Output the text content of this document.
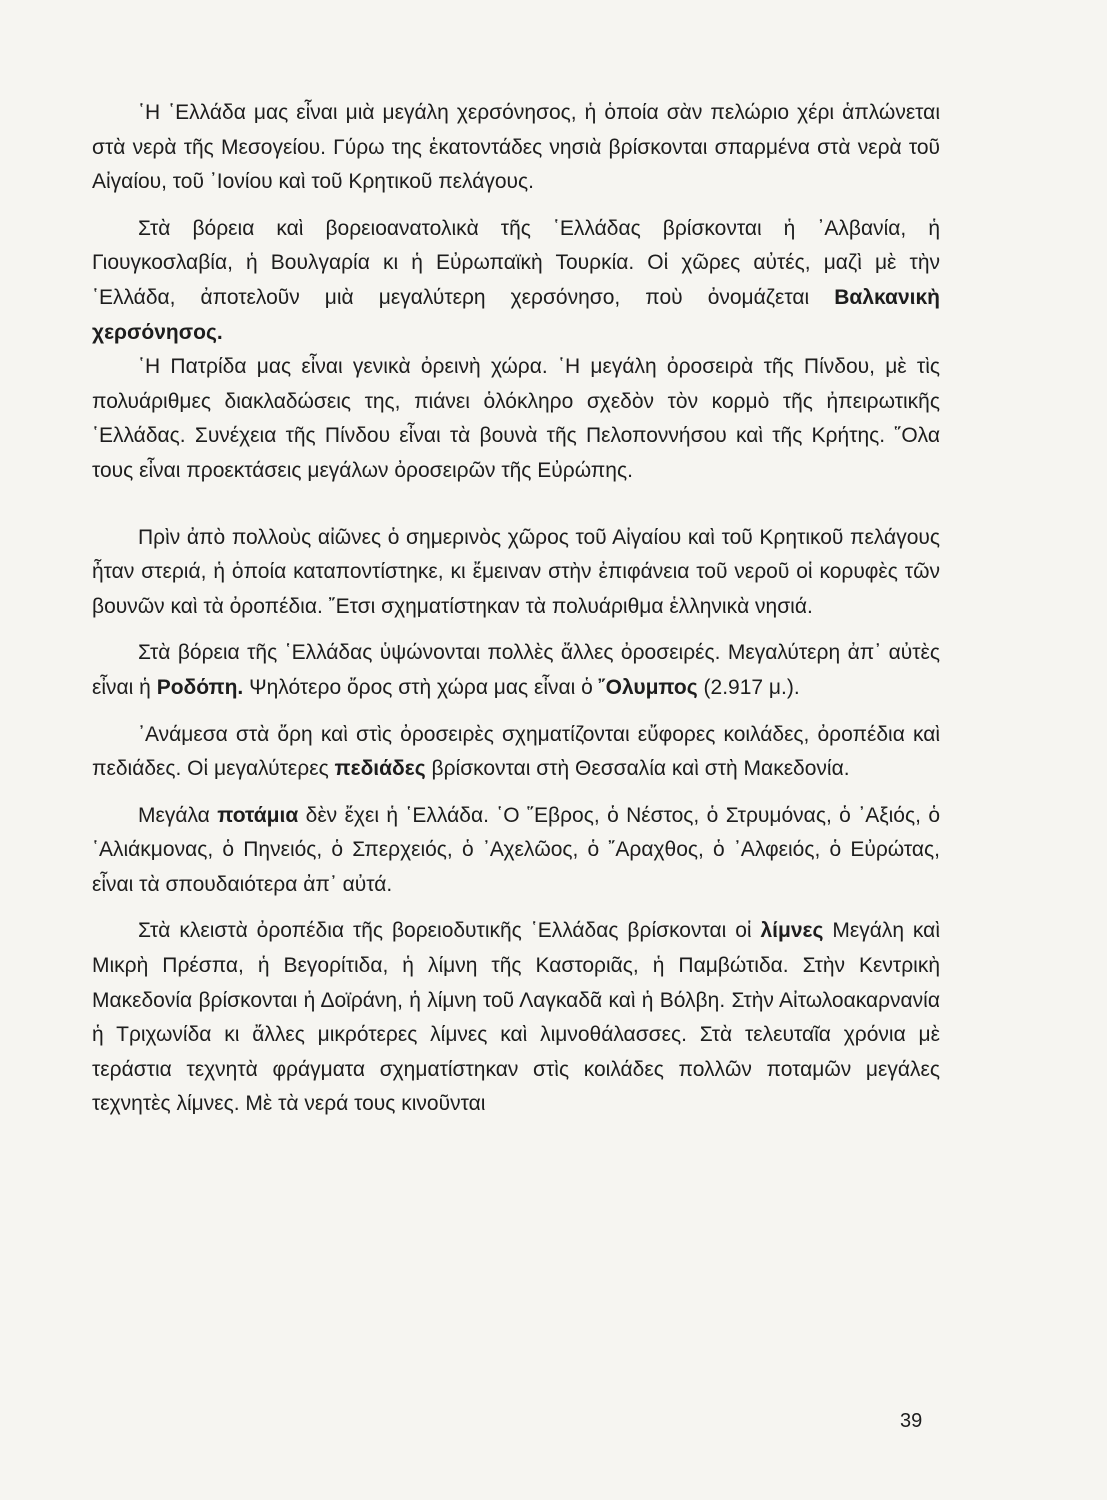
῾Η ῾Ελλάδα μας εἶναι μιὰ μεγάλη χερσόνησος, ἡ ὁποία σὰν πελώριο χέρι ἁπλώνεται στὰ νερὰ τῆς Μεσογείου. Γύρω της ἑκατοντάδες νησιὰ βρίσκονται σπαρμένα στὰ νερὰ τοῦ Αἰγαίου, τοῦ ᾿Ιονίου καὶ τοῦ Κρητικοῦ πελάγους.

Στὰ βόρεια καὶ βορειοανατολικὰ τῆς ῾Ελλάδας βρίσκονται ἡ ᾿Αλβανία, ἡ Γιουγκοσλαβία, ἡ Βουλγαρία κι ἡ Εὐρωπαϊκὴ Τουρκία. Οἱ χῶρες αὐτές, μαζὶ μὲ τὴν ῾Ελλάδα, ἀποτελοῦν μιὰ μεγαλύτερη χερσόνησο, ποὺ ὀνομάζεται Βαλκανικὴ χερσόνησος.

῾Η Πατρίδα μας εἶναι γενικὰ ὀρεινὴ χώρα. ῾Η μεγάλη ὀροσειρὰ τῆς Πίνδου, μὲ τὶς πολυάριθμες διακλαδώσεις της, πιάνει ὁλόκληρο σχεδὸν τὸν κορμὸ τῆς ἠπειρωτικῆς ῾Ελλάδας. Συνέχεια τῆς Πίνδου εἶναι τὰ βουνὰ τῆς Πελοποννήσου καὶ τῆς Κρήτης. ῞Ολα τους εἶναι προεκτάσεις μεγάλων ὀροσειρῶν τῆς Εὐρώπης.

Πρὶν ἀπὸ πολλοὺς αἰῶνες ὁ σημερινὸς χῶρος τοῦ Αἰγαίου καὶ τοῦ Κρητικοῦ πελάγους ἦταν στεριά, ἡ ὁποία καταποντίστηκε, κι ἔμειναν στὴν ἐπιφάνεια τοῦ νεροῦ οἱ κορυφὲς τῶν βουνῶν καὶ τὰ ὀροπέδια. ῎Ετσι σχηματίστηκαν τὰ πολυάριθμα ἑλληνικὰ νησιά.

Στὰ βόρεια τῆς ῾Ελλάδας ὑψώνονται πολλὲς ἄλλες ὀροσειρές. Μεγαλύτερη ἀπ᾿ αὐτὲς εἶναι ἡ Ροδόπη. Ψηλότερο ὄρος στὴ χώρα μας εἶναι ὁ ῎Ολυμπος (2.917 μ.).

᾿Ανάμεσα στὰ ὄρη καὶ στὶς ὀροσειρὲς σχηματίζονται εὔφορες κοιλάδες, ὀροπέδια καὶ πεδιάδες. Οἱ μεγαλύτερες πεδιάδες βρίσκονται στὴ Θεσσαλία καὶ στὴ Μακεδονία.

Μεγάλα ποτάμια δὲν ἔχει ἡ ῾Ελλάδα. ῾Ο ῞Εβρος, ὁ Νέστος, ὁ Στρυμόνας, ὁ ᾿Αξιός, ὁ ῾Αλιάκμονας, ὁ Πηνειός, ὁ Σπερχειός, ὁ ᾿Αχελῶος, ὁ ῎Αραχθος, ὁ ᾿Αλφειός, ὁ Εὐρώτας, εἶναι τὰ σπουδαιότερα ἀπ᾿ αὐτά.

Στὰ κλειστὰ ὀροπέδια τῆς βορειοδυτικῆς ῾Ελλάδας βρίσκονται οἱ λίμνες Μεγάλη καὶ Μικρὴ Πρέσπα, ἡ Βεγορίτιδα, ἡ λίμνη τῆς Καστοριᾶς, ἡ Παμβώτιδα. Στὴν Κεντρικὴ Μακεδονία βρίσκονται ἡ Δοϊράνη, ἡ λίμνη τοῦ Λαγκαδᾶ καὶ ἡ Βόλβη. Στὴν Αἰτωλοακαρνανία ἡ Τριχωνίδα κι ἄλλες μικρότερες λίμνες καὶ λιμνοθάλασσες. Στὰ τελευταῖα χρόνια μὲ τεράστια τεχνητὰ φράγματα σχηματίστηκαν στὶς κοιλάδες πολλῶν ποταμῶν μεγάλες τεχνητὲς λίμνες. Μὲ τὰ νερά τους κινοῦνται

39
